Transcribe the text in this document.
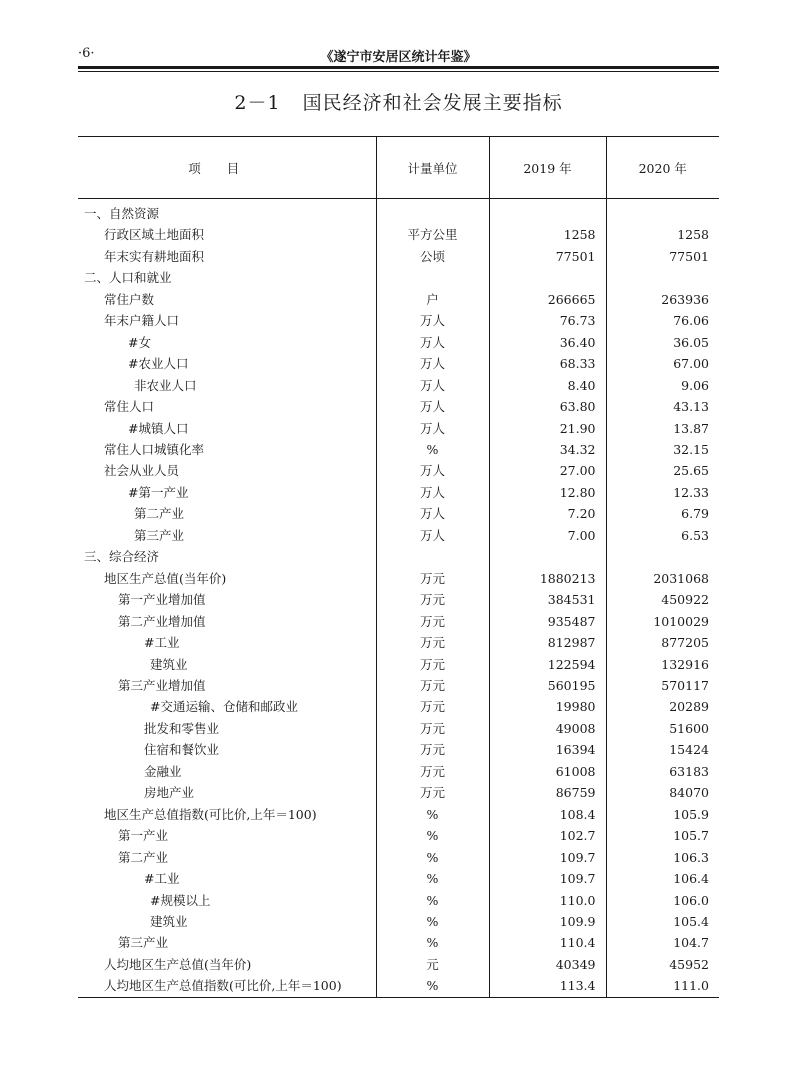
·6·	《遂宁市安居区统计年鉴》
2－1 国民经济和社会发展主要指标
项目	计量单位	2019 年	2020 年
一、自然资源			
行政区域土地面积	平方公里	1258	1258
年末实有耕地面积	公顷	77501	77501
二、人口和就业			
常住户数	户	266665	263936
年末户籍人口	万人	76.73	76.06
#女	万人	36.40	36.05
#农业人口	万人	68.33	67.00
非农业人口	万人	8.40	9.06
常住人口	万人	63.80	43.13
#城镇人口	万人	21.90	13.87
常住人口城镇化率	%	34.32	32.15
社会从业人员	万人	27.00	25.65
#第一产业	万人	12.80	12.33
第二产业	万人	7.20	6.79
第三产业	万人	7.00	6.53
三、综合经济			
地区生产总值(当年价)	万元	1880213	2031068
第一产业增加值	万元	384531	450922
第二产业增加值	万元	935487	1010029
#工业	万元	812987	877205
建筑业	万元	122594	132916
第三产业增加值	万元	560195	570117
#交通运输、仓储和邮政业	万元	19980	20289
批发和零售业	万元	49008	51600
住宿和餐饮业	万元	16394	15424
金融业	万元	61008	63183
房地产业	万元	86759	84070
地区生产总值指数(可比价,上年＝100)	%	108.4	105.9
第一产业	%	102.7	105.7
第二产业	%	109.7	106.3
#工业	%	109.7	106.4
#规模以上	%	110.0	106.0
建筑业	%	109.9	105.4
第三产业	%	110.4	104.7
人均地区生产总值(当年价)	元	40349	45952
人均地区生产总值指数(可比价,上年＝100)	%	113.4	111.0
